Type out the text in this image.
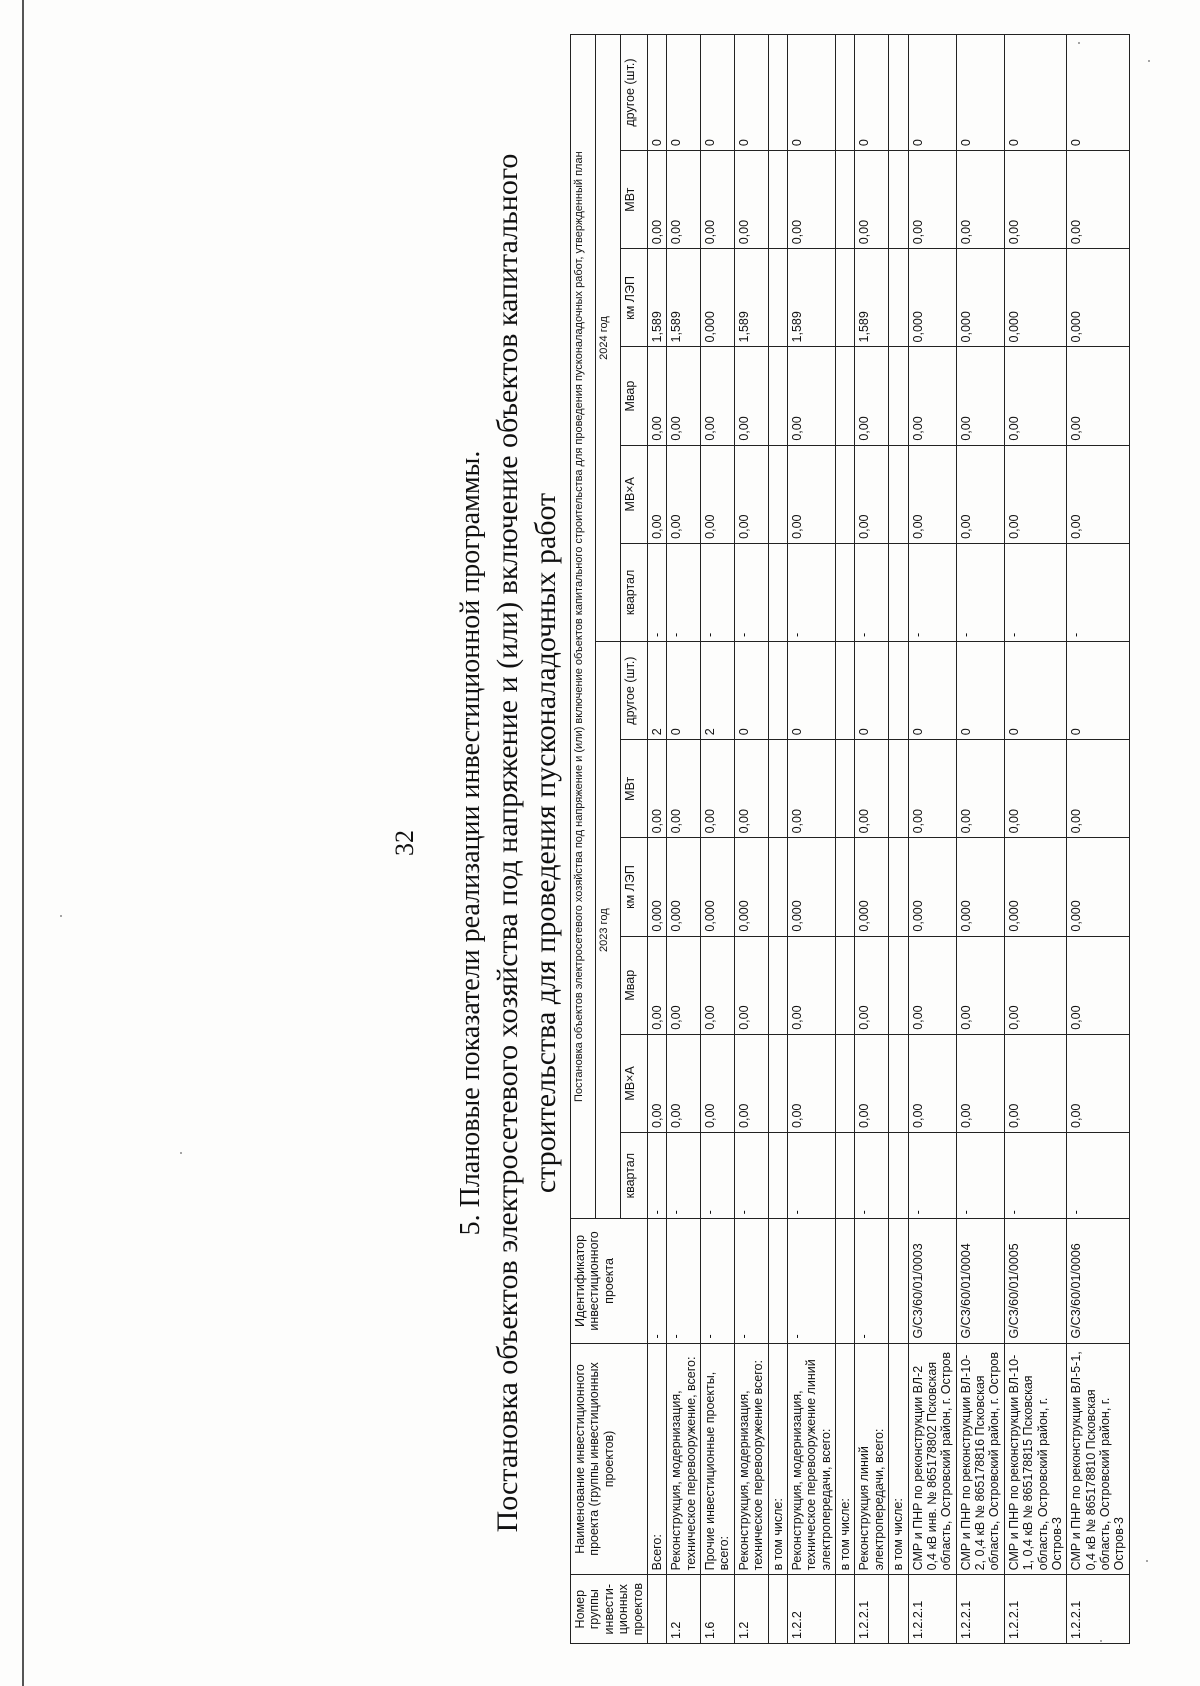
32 5. Плановые показатели реализации инвестиционной программы. Постановка объектов электросетевого хозяйства под напряжение и (или) включение объектов капитального строительства для проведения пусконаладочных работ
Номер группы инвести-ционных проектов	Наименование инвестиционного проекта (группы инвестиционных проектов)	Идентификатор инвестиционного проекта	Постановка объектов электросетевого хозяйства под напряжение и (или) включение объектов капитального строительства для проведения пусконаладочных работ, утвержденный план											
			2023 год						2024 год					
			квартал	МВ×А	Мвар	км ЛЭП	МВт	другое (шт.)	квартал	МВ×А	Мвар	км ЛЭП	МВт	другое (шт.)
	Всего:	-	-	0,00	0,00	0,000	0,00	2	-	0,00	0,00	1,589	0,00	0
1.2	Реконструкция, модернизация, техническое перевооружение, всего:	-	-	0,00	0,00	0,000	0,00	0	-	0,00	0,00	1,589	0,00	0
1.6	Прочие инвестиционные проекты, всего:	-	-	0,00	0,00	0,000	0,00	2	-	0,00	0,00	0,000	0,00	0
1.2	Реконструкция, модернизация, техническое перевооружение всего:	-	-	0,00	0,00	0,000	0,00	0	-	0,00	0,00	1,589	0,00	0
	в том числе:													
1.2.2	Реконструкция, модернизация, техническое перевооружение линий электропередачи, всего:	-	-	0,00	0,00	0,000	0,00	0	-	0,00	0,00	1,589	0,00	0
	в том числе:													
1.2.2.1	Реконструкция линий электропередачи, всего:	-	-	0,00	0,00	0,000	0,00	0	-	0,00	0,00	1,589	0,00	0
	в том числе:													
1.2.2.1	СМР и ПНР по реконструкции ВЛ-2 0,4 кВ инв. № 865178802 Псковская область, Островский район, г. Остров	G/C3/60/01/0003	-	0,00	0,00	0,000	0,00	0	-	0,00	0,00	0,000	0,00	0
1.2.2.1	СМР и ПНР по реконструкции ВЛ-10-2, 0,4 кВ № 865178816 Псковская область, Островский район, г. Остров	G/C3/60/01/0004	-	0,00	0,00	0,000	0,00	0	-	0,00	0,00	0,000	0,00	0
1.2.2.1	СМР и ПНР по реконструкции ВЛ-10-1, 0,4 кВ № 865178815 Псковская область, Островский район, г. Остров-3	G/C3/60/01/0005	-	0,00	0,00	0,000	0,00	0	-	0,00	0,00	0,000	0,00	0
1.2.2.1	СМР и ПНР по реконструкции ВЛ-5-1, 0,4 кВ № 865178810 Псковская область, Островский район, г. Остров-3	G/C3/60/01/0006	-	0,00	0,00	0,000	0,00	0	-	0,00	0,00	0,000	0,00	0
